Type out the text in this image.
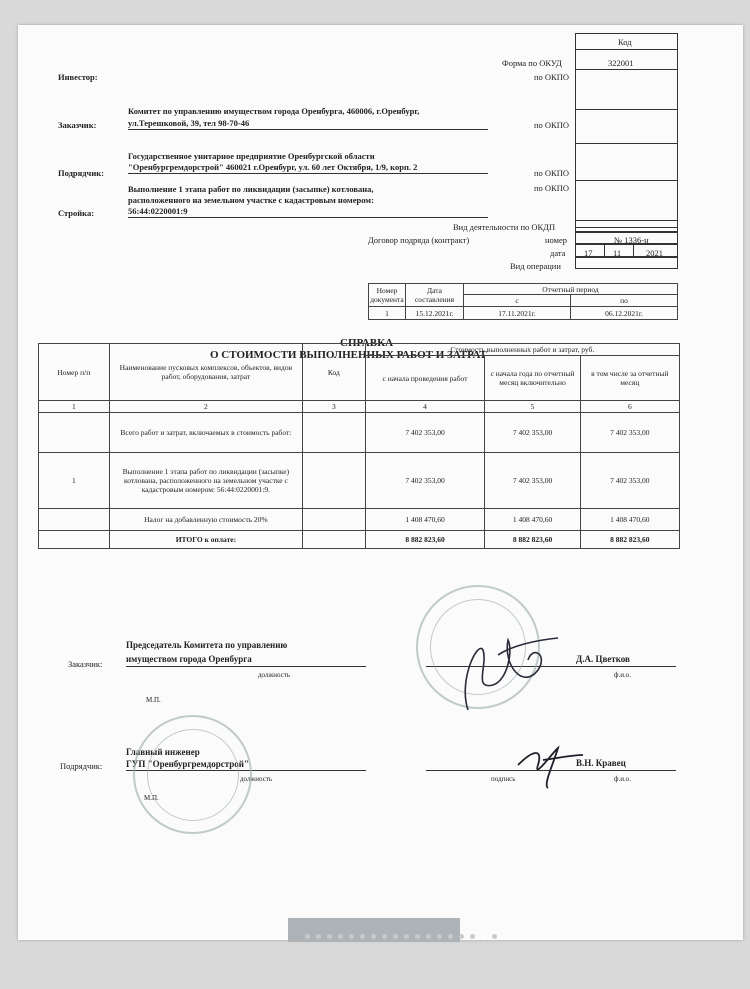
Код
322001
Форма по ОКУД
по ОКПО
по ОКПО
по ОКПО
по ОКПО
Вид деятельности по ОКДП
Договор подряда (контракт)	номер	№ 1336-н
дата 17 11	2021
Вид операции
Инвестор:
Заказчик:
Комитет по управлению имуществом города Оренбурга, 460006, г.Оренбург,
ул.Терешковой, 39, тел 98-70-46
Подрядчик:
Государственное унитарное предприятие Оренбургской области
"Оренбургремдорстрой" 460021 г.Оренбург, ул. 60 лет Октября, 1/9, корп. 2
Стройка:
Выполнение 1 этапа работ по ликвидации (засыпке) котлована,
расположенного на земельном участке с кадастровым номером:
56:44:0220001:9
Номер документа
Дата составления
Отчетный период
с	по
1	15.12.2021г.	17.11.2021г.	06.12.2021г.
СПРАВКА
О СТОИМОСТИ ВЫПОЛНЕННЫХ РАБОТ И ЗАТРАТ
Заказчик:
Председатель Комитета по управлению
имуществом города Оренбурга
должность
Д.А. Цветков
ф.и.о.
М.П.
Главный инженер
Подрядчик:	ГУП "Оренбургремдорстрой"
должность	подпись
В.Н. Кравец
ф.и.о.
М.П.
Номер п/п	Наименование пусковых комплексов, объектов, видов работ, оборудования, затрат	Код	Стоимость выполненных работ и затрат, руб.		
			с начала проведения работ	с начала года по отчетный месяц включительно	в том числе за отчетный месяц
1	2	3	4	5	6
	Всего работ и затрат, включаемых в стоимость работ:		7 402 353,00	7 402 353,00	7 402 353,00
1	Выполнение 1 этапа работ по ликвидации (засыпке) котлована, расположенного на земельном участке с кадастровым номером: 56:44:0220001:9.		7 402 353,00	7 402 353,00	7 402 353,00
	Налог на добавленную стоимость 20%		1 408 470,60	1 408 470,60	1 408 470,60
	ИТОГО к оплате:		8 882 823,60	8 882 823,60	8 882 823,60
